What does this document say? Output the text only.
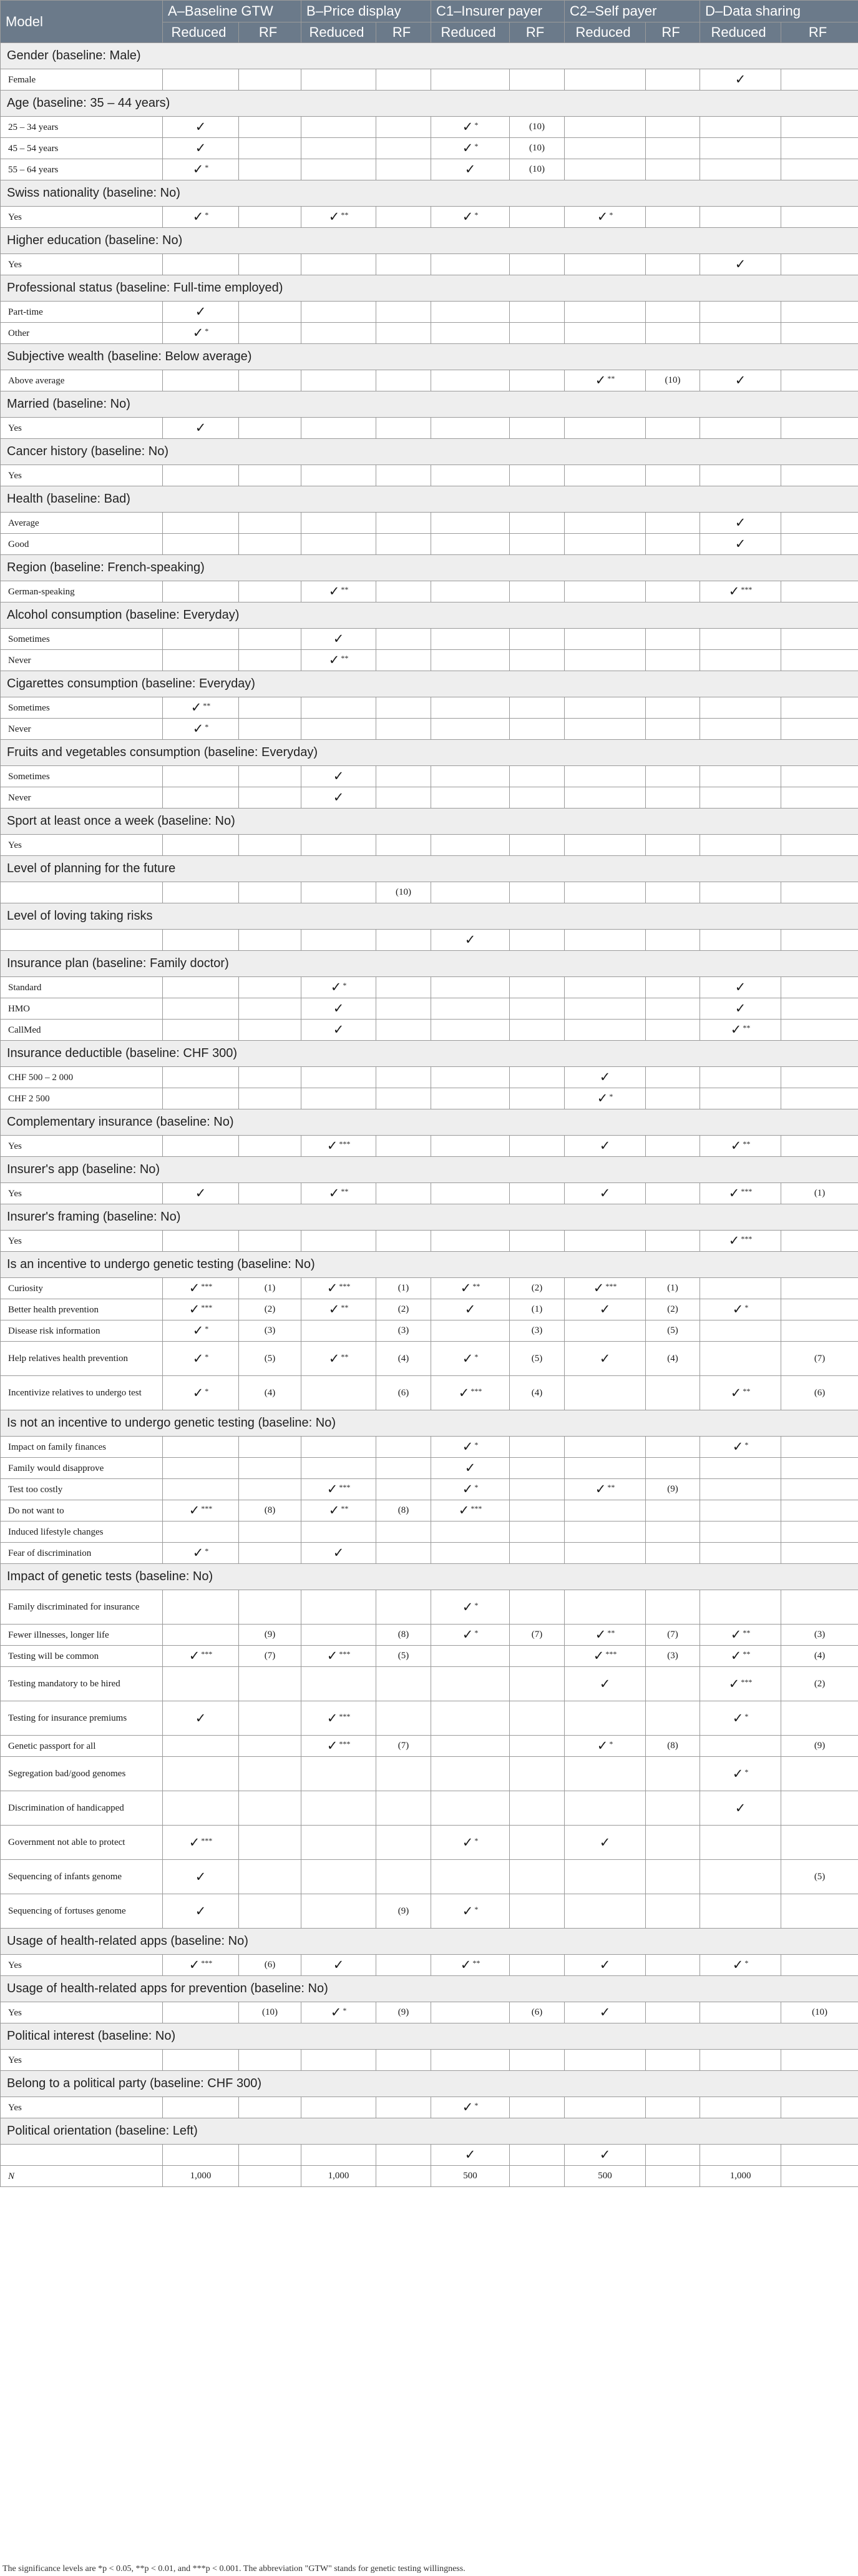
Model	A–Baseline GTW		B–Price display		C1–Insurer payer		C2–Self payer		D–Data sharing	
	Reduced	RF	Reduced	RF	Reduced	RF	Reduced	RF	Reduced	RF
Gender (baseline: Male)										
Female									✓	
Age (baseline: 35 – 44 years)										
25 – 34 years	✓				✓ *	(10)				
45 – 54 years	✓				✓ *	(10)				
55 – 64 years	✓ *				✓	(10)				
Swiss nationality (baseline: No)										
Yes	✓ *		✓ **		✓ *		✓ *			
Higher education (baseline: No)										
Yes									✓	
Professional status (baseline: Full-time employed)										
Part-time	✓									
Other	✓ *									
Subjective wealth (baseline: Below average)										
Above average							✓ **	(10)	✓	
Married (baseline: No)										
Yes	✓									
Cancer history (baseline: No)										
Yes										
Health (baseline: Bad)										
Average									✓	
Good									✓	
Region (baseline: French-speaking)										
German-speaking			✓ **						✓ ***	
Alcohol consumption (baseline: Everyday)										
Sometimes			✓							
Never			✓ **							
Cigarettes consumption (baseline: Everyday)										
Sometimes	✓ **									
Never	✓ *									
Fruits and vegetables consumption (baseline: Everyday)										
Sometimes			✓							
Never			✓							
Sport at least once a week (baseline: No)										
Yes										
Level of planning for the future										
				(10)						
Level of loving taking risks										
					✓					
Insurance plan (baseline: Family doctor)										
Standard			✓ *						✓	
HMO			✓						✓	
CallMed			✓						✓ **	
Insurance deductible (baseline: CHF 300)										
CHF 500 – 2 000							✓			
CHF 2 500							✓ *			
Complementary insurance (baseline: No)										
Yes			✓ ***				✓		✓ **	
Insurer's app (baseline: No)										
Yes	✓		✓ **				✓		✓ ***	(1)
Insurer's framing (baseline: No)										
Yes									✓ ***	
Is an incentive to undergo genetic testing (baseline: No)										
Curiosity	✓ ***	(1)	✓ ***	(1)	✓ **	(2)	✓ ***	(1)		
Better health prevention	✓ ***	(2)	✓ **	(2)	✓	(1)	✓	(2)	✓ *	
Disease risk information	✓ *	(3)		(3)		(3)		(5)		
Help relatives health prevention	✓ *	(5)	✓ **	(4)	✓ *	(5)	✓	(4)		(7)
Incentivize relatives to undergo test	✓ *	(4)		(6)	✓ ***	(4)			✓ **	(6)
Is not an incentive to undergo genetic testing (baseline: No)										
Impact on family finances					✓ *				✓ *	
Family would disapprove					✓					
Test too costly			✓ ***		✓ *		✓ **	(9)		
Do not want to	✓ ***	(8)	✓ **	(8)	✓ ***					
Induced lifestyle changes										
Fear of discrimination	✓ *		✓							
Impact of genetic tests (baseline: No)										
Family discriminated for insurance					✓ *					
Fewer illnesses, longer life		(9)		(8)	✓ *	(7)	✓ **	(7)	✓ **	(3)
Testing will be common	✓ ***	(7)	✓ ***	(5)			✓ ***	(3)	✓ **	(4)
Testing mandatory to be hired							✓		✓ ***	(2)
Testing for insurance premiums	✓		✓ ***						✓ *	
Genetic passport for all			✓ ***	(7)			✓ *	(8)		(9)
Segregation bad/good genomes									✓ *	
Discrimination of handicapped									✓	
Government not able to protect	✓ ***				✓ *		✓			
Sequencing of infants genome	✓									(5)
Sequencing of fortuses genome	✓			(9)	✓ *					
Usage of health-related apps (baseline: No)										
Yes	✓ ***	(6)	✓		✓ **		✓		✓ *	
Usage of health-related apps for prevention (baseline: No)										
Yes		(10)	✓ *	(9)		(6)	✓			(10)
Political interest (baseline: No)										
Yes										
Belong to a political party (baseline: CHF 300)										
Yes					✓ *					
Political orientation (baseline: Left)										
					✓		✓			
N	1,000		1,000		500		500		1,000	
The significance levels are *p < 0.05, **p < 0.01, and ***p < 0.001. The abbreviation "GTW" stands for genetic testing willingness.
